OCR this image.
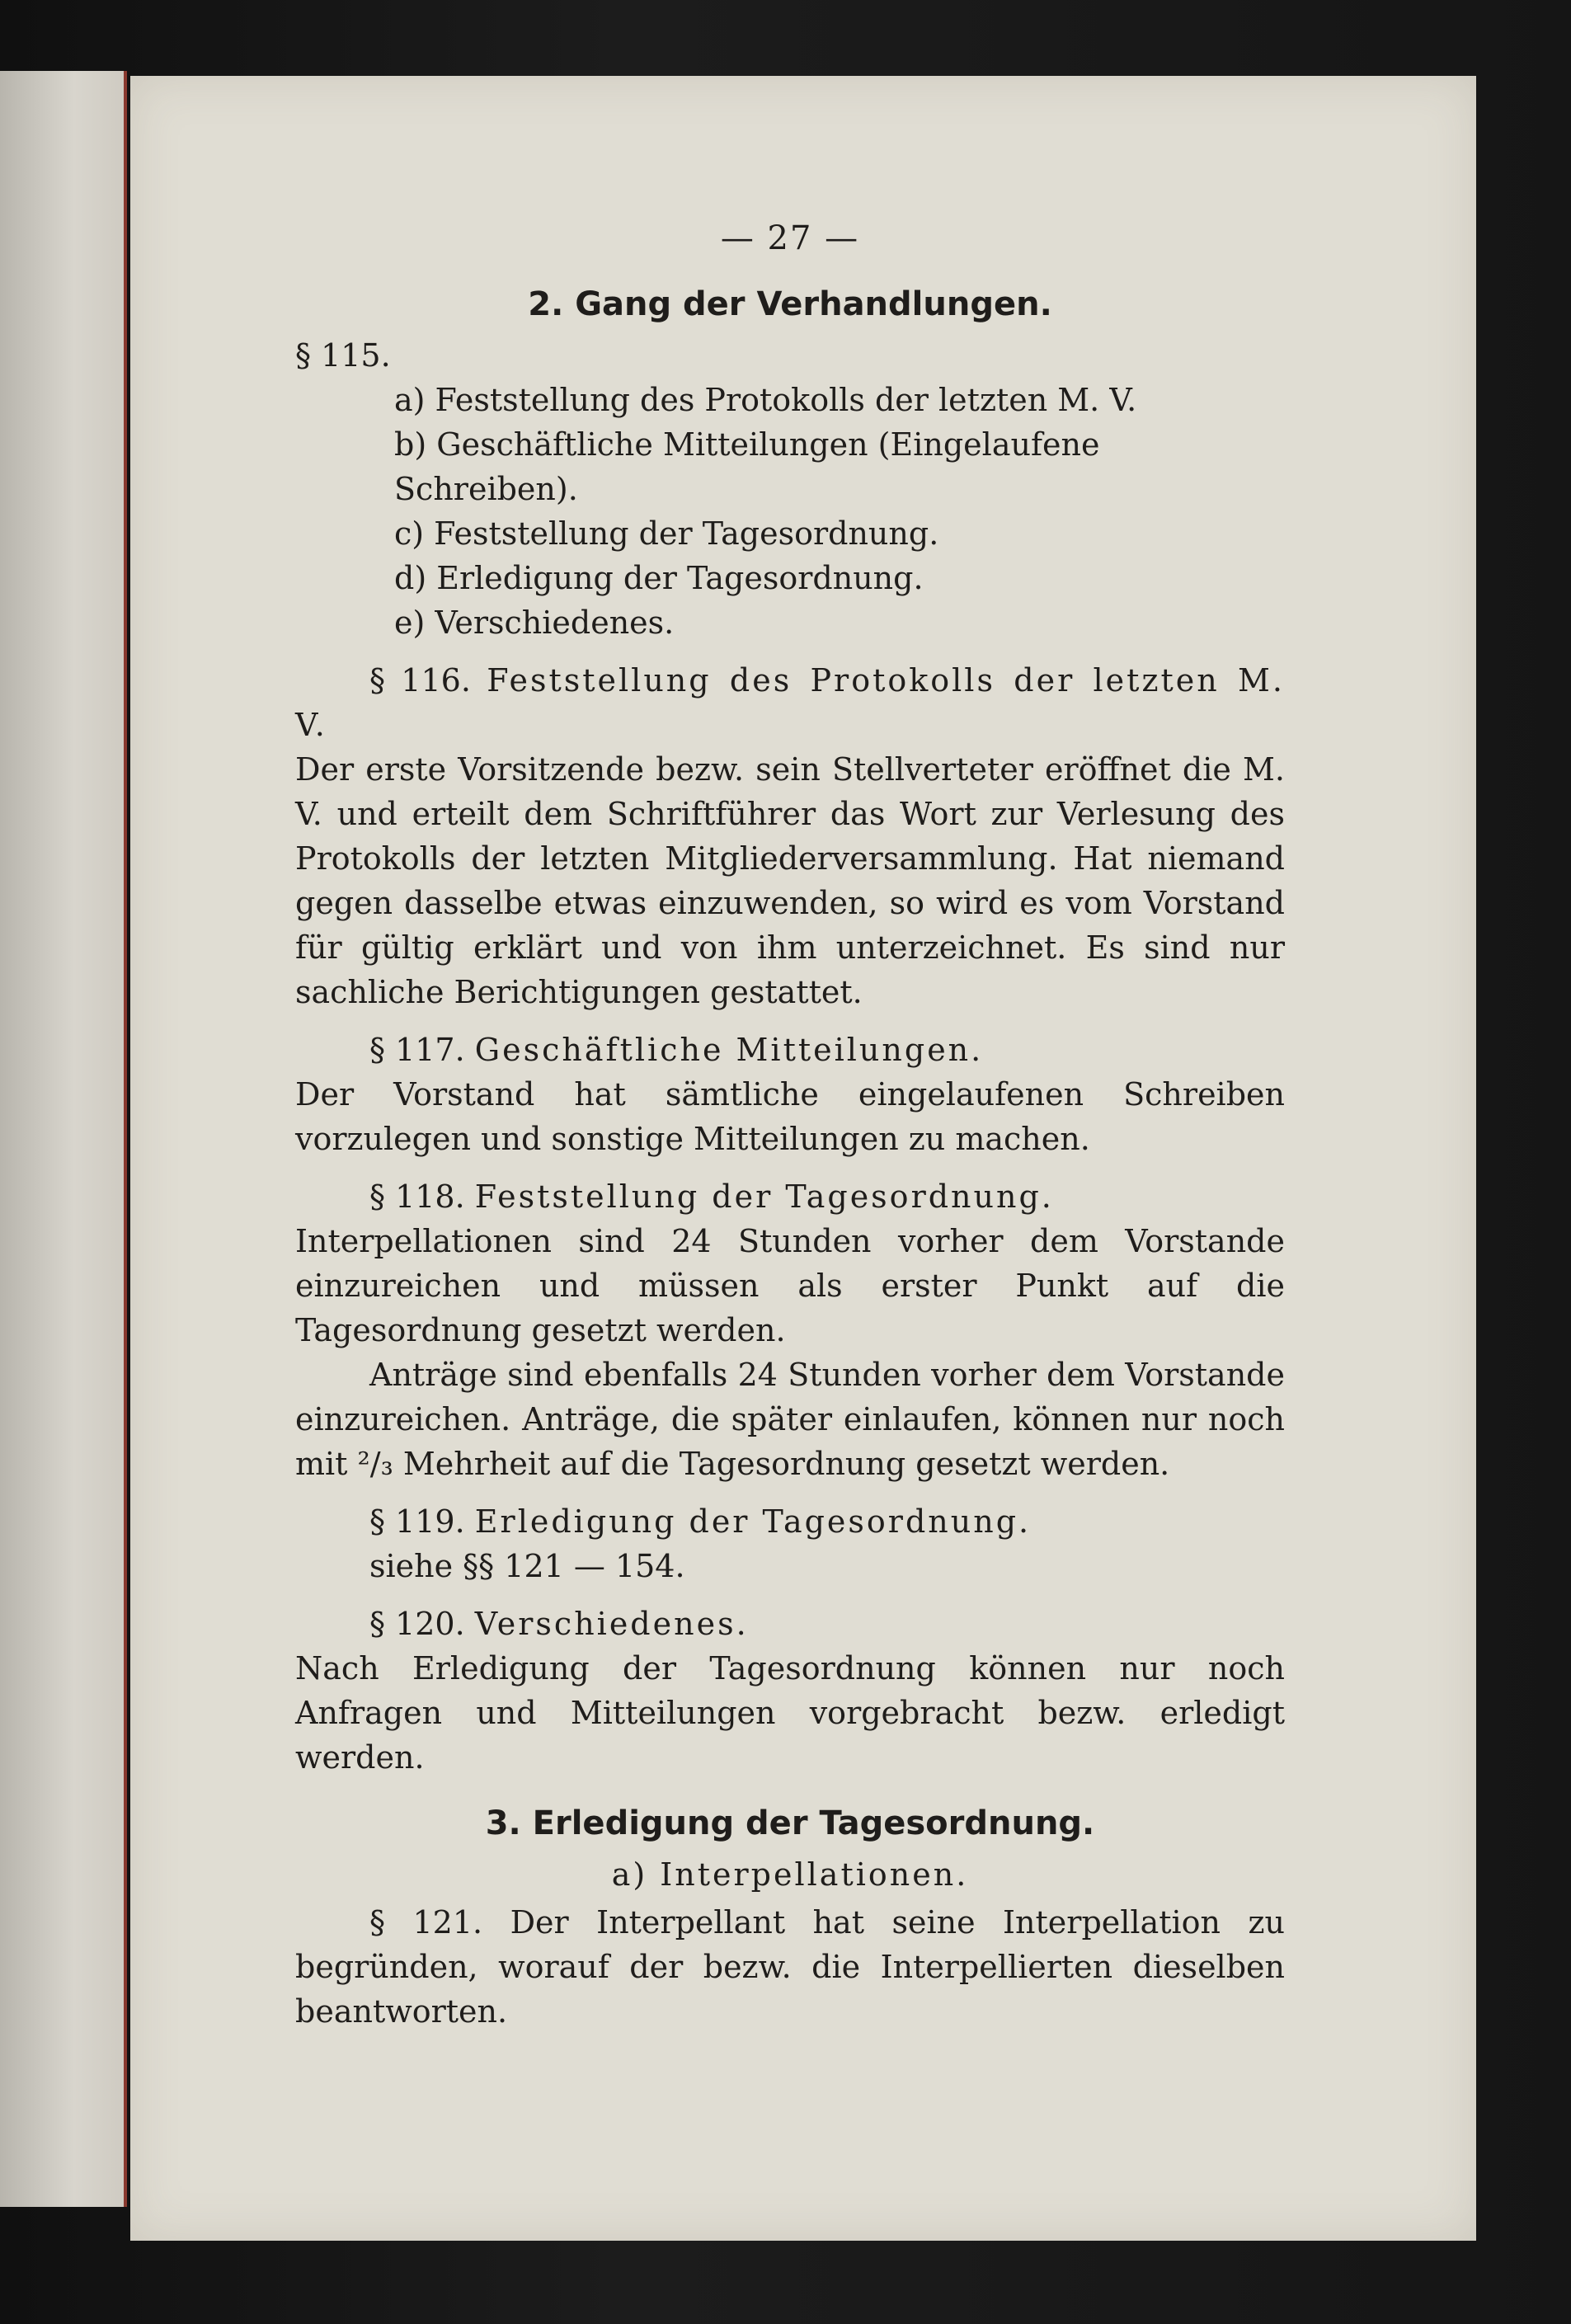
— 27 —
2. Gang der Verhandlungen.

§ 115.

a) Feststellung des Protokolls der letzten M. V.
b) Geschäftliche Mitteilungen (Eingelaufene Schreiben).
c) Feststellung der Tagesordnung.
d) Erledigung der Tagesordnung.
e) Verschiedenes.

§ 116. Feststellung des Protokolls der letzten M. V.

Der erste Vorsitzende bezw. sein Stellverteter eröffnet die M. V. und erteilt dem Schriftführer das Wort zur Verlesung des Protokolls der letzten Mitgliederversammlung. Hat niemand gegen dasselbe etwas einzuwenden, so wird es vom Vorstand für gültig erklärt und von ihm unterzeichnet. Es sind nur sachliche Berichtigungen gestattet.

§ 117. Geschäftliche Mitteilungen.

Der Vorstand hat sämtliche eingelaufenen Schreiben vorzulegen und sonstige Mitteilungen zu machen.

§ 118. Feststellung der Tagesordnung.

Interpellationen sind 24 Stunden vorher dem Vorstande einzureichen und müssen als erster Punkt auf die Tagesordnung gesetzt werden.

Anträge sind ebenfalls 24 Stunden vorher dem Vorstande einzureichen. Anträge, die später einlaufen, können nur noch mit ²/₃ Mehrheit auf die Tagesordnung gesetzt werden.

§ 119. Erledigung der Tagesordnung.

siehe §§ 121 — 154.

§ 120. Verschiedenes.

Nach Erledigung der Tagesordnung können nur noch Anfragen und Mitteilungen vorgebracht bezw. erledigt werden.

3. Erledigung der Tagesordnung.
a) Interpellationen.

§ 121. Der Interpellant hat seine Interpellation zu begründen, worauf der bezw. die Interpellierten dieselben beantworten.
